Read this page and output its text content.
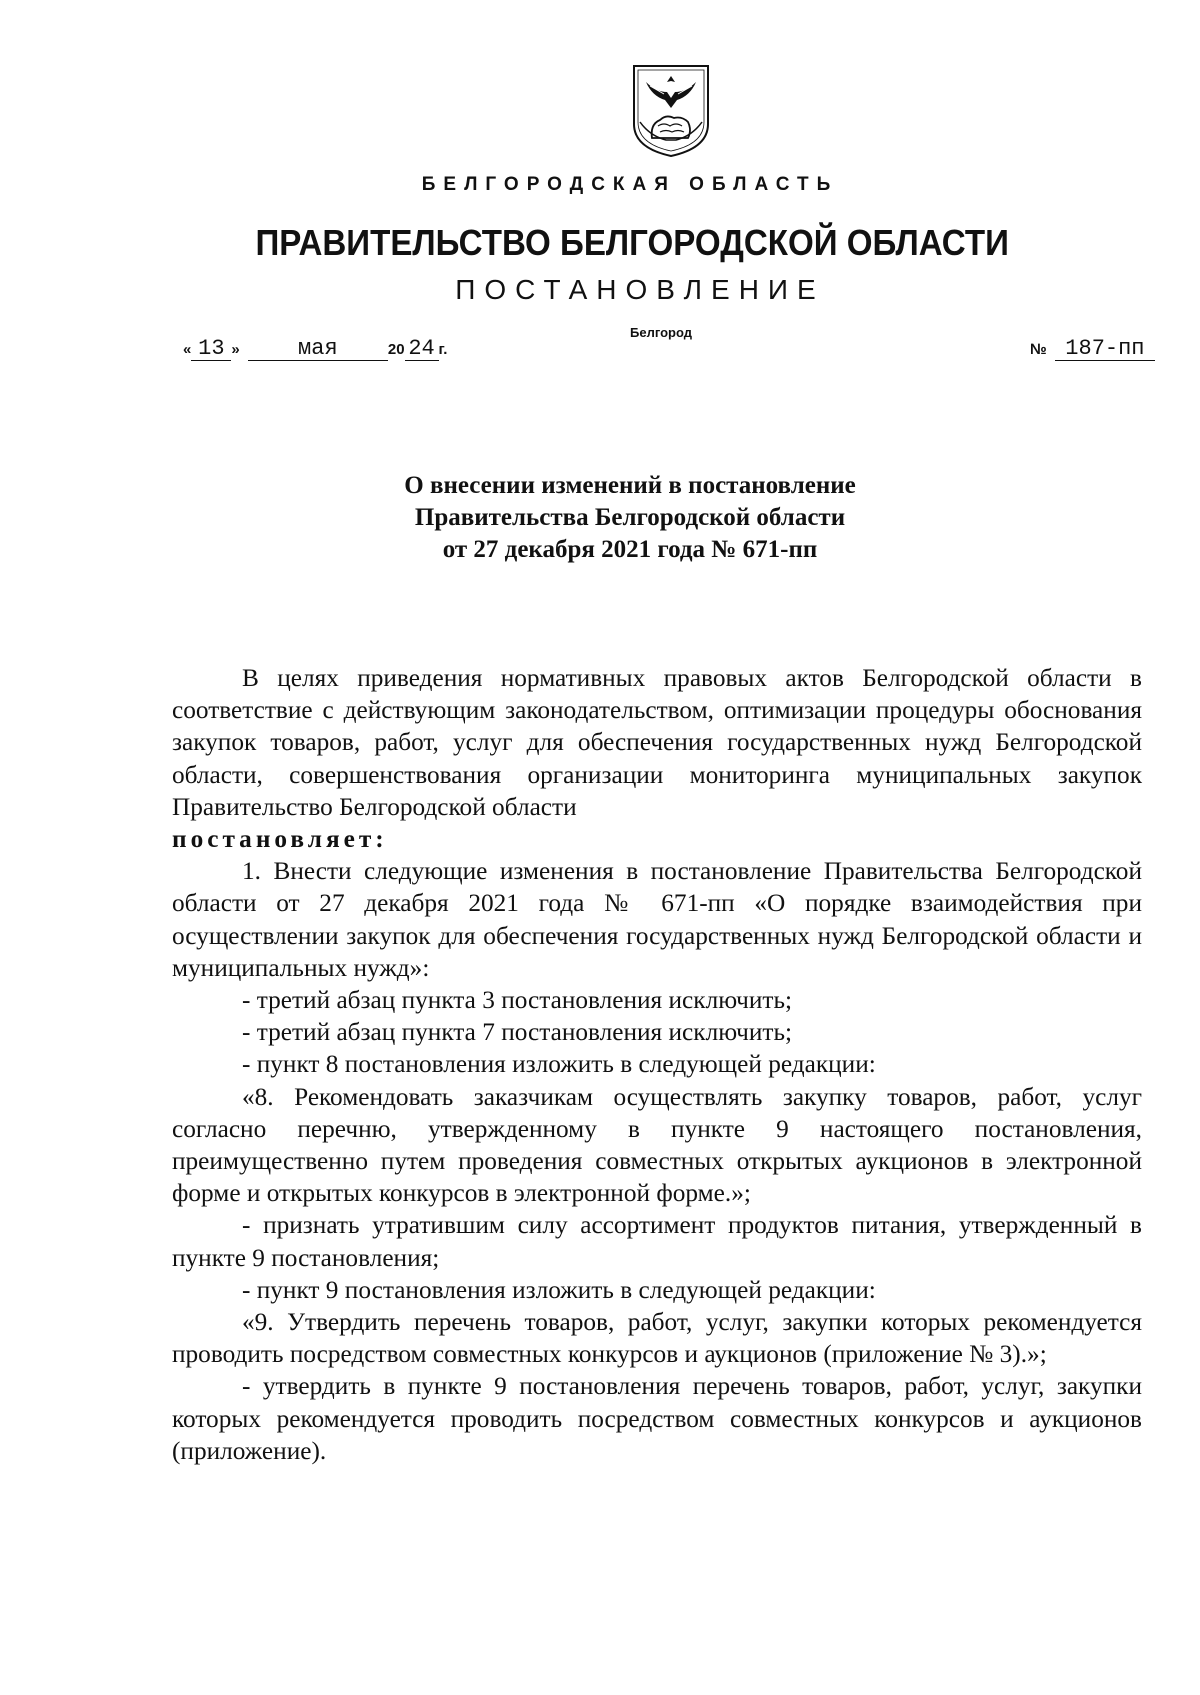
БЕЛГОРОДСКАЯ ОБЛАСТЬ
ПРАВИТЕЛЬСТВО БЕЛГОРОДСКОЙ ОБЛАСТИ
ПОСТАНОВЛЕНИЕ
Белгород
« 13 »	мая	20 24 г.	№ 187-пп
О внесении изменений в постановление
Правительства Белгородской области
от 27 декабря 2021 года № 671-пп

В целях приведения нормативных правовых актов Белгородской области в соответствие с действующим законодательством, оптимизации процедуры обоснования закупок товаров, работ, услуг для обеспечения государственных нужд Белгородской области, совершенствования организации мониторинга муниципальных закупок Правительство Белгородской области

постановляет:

1. Внести следующие изменения в постановление Правительства Белгородской области от 27 декабря 2021 года № 671-пп «О порядке взаимодействия при осуществлении закупок для обеспечения государственных нужд Белгородской области и муниципальных нужд»:

- третий абзац пункта 3 постановления исключить;

- третий абзац пункта 7 постановления исключить;

- пункт 8 постановления изложить в следующей редакции:

«8. Рекомендовать заказчикам осуществлять закупку товаров, работ, услуг согласно перечню, утвержденному в пункте 9 настоящего постановления, преимущественно путем проведения совместных открытых аукционов в электронной форме и открытых конкурсов в электронной форме.»;

- признать утратившим силу ассортимент продуктов питания, утвержденный в пункте 9 постановления;

- пункт 9 постановления изложить в следующей редакции:

«9. Утвердить перечень товаров, работ, услуг, закупки которых рекомендуется проводить посредством совместных конкурсов и аукционов (приложение № 3).»;

- утвердить в пункте 9 постановления перечень товаров, работ, услуг, закупки которых рекомендуется проводить посредством совместных конкурсов и аукционов (приложение).
